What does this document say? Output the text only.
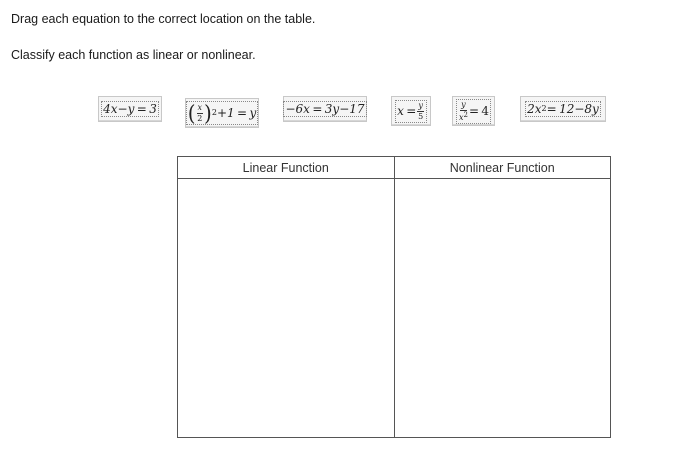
Drag each equation to the correct location on the table.
Classify each function as linear or nonlinear.
4x−y = 3 ( $\frac{x}{2}$ ) 2 +1 = y −6x = 3y−17	$x = \frac{y}{5}$	$\frac{y}{x2} = 4$	2x 2 = 12−8y
Linear Function	Nonlinear Function
